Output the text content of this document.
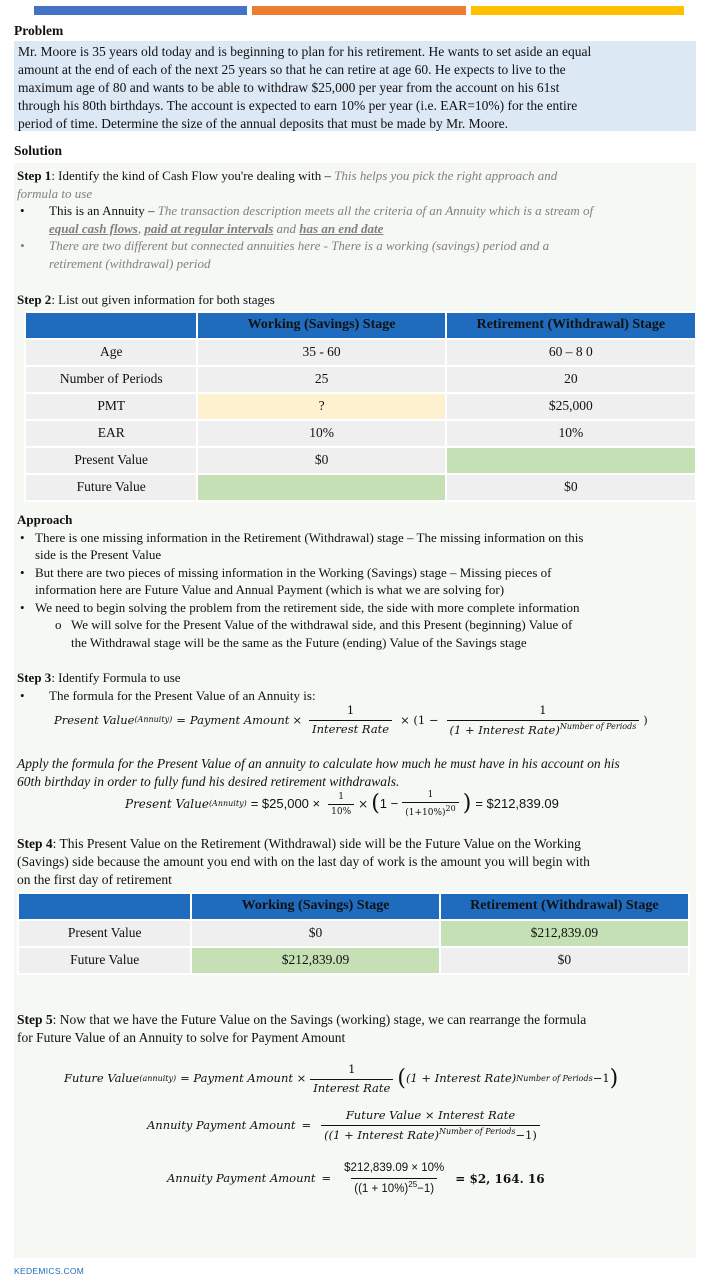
Problem
Mr. Moore is 35 years old today and is beginning to plan for his retirement. He wants to set aside an equal
amount at the end of each of the next 25 years so that he can retire at age 60. He expects to live to the
maximum age of 80 and wants to be able to withdraw $25,000 per year from the account on his 61st
through his 80th birthdays. The account is expected to earn 10% per year (i.e. EAR=10%) for the entire
period of time. Determine the size of the annual deposits that must be made by Mr. Moore.
Solution
Step 1: Identify the kind of Cash Flow you're dealing with – This helps you pick the right approach and
formula to use
• This is an Annuity – The transaction description meets all the criteria of an Annuity which is a stream of
equal cash flows, paid at regular intervals and has an end date
• There are two different but connected annuities here - There is a working (savings) period and a
retirement (withdrawal) period
Step 2: List out given information for both stages
	Working (Savings) Stage	Retirement (Withdrawal) Stage
Age	35 - 60	60 – 8 0
Number of Periods	25	20
PMT	?	$25,000
EAR	10%	10%
Present Value	$0	
Future Value		$0
Approach
• There is one missing information in the Retirement (Withdrawal) stage – The missing information on this
side is the Present Value
• But there are two pieces of missing information in the Working (Savings) stage – Missing pieces of
information here are Future Value and Annual Payment (which is what we are solving for)
• We need to begin solving the problem from the retirement side, the side with more complete information
o We will solve for the Present Value of the withdrawal side, and this Present (beginning) Value of
the Withdrawal stage will be the same as the Future (ending) Value of the Savings stage
Step 3: Identify Formula to use
• The formula for the Present Value of an Annuity is:
Present Value (Annuity) = Payment Amount × $\frac{1}{\text{Interest Rate}} \times (1 - \frac{1}{(1 + Interest Rate)^{Number of Periods}}$ )
Apply the formula for the Present Value of an annuity to calculate how much he must have in his account on his
60th birthday in order to fully fund his desired retirement withdrawals.
Present Value (Annuity) = $25,000 × $\frac{1}{10\%}$ × ( $1 - \frac{1}{(1+10\%)20}$ ) = $212,839.09
Step 4: This Present Value on the Retirement (Withdrawal) side will be the Future Value on the Working
(Savings) side because the amount you end with on the last day of work is the amount you will begin with
on the first day of retirement
	Working (Savings) Stage	Retirement (Withdrawal) Stage
Present Value	$0	$212,839.09
Future Value	$212,839.09	$0
Step 5: Now that we have the Future Value on the Savings (working) stage, we can rearrange the formula
for Future Value of an Annuity to solve for Payment Amount
Future Value (annuity) = Payment Amount × $\frac{1}{\text{Interest Rate}}$ ( (1 + Interest Rate) Number of Periods −1 )
Annuity Payment Amount = $\frac{\text{Future Value × Interest Rate}}{((1 + Interest Rate)^{Number of Periods}-1)}$
Annuity Payment Amount = $\frac{\$212,839.09 \times 10\%}{((1 + 10\%)^{25}-1)}$ = $2, 164. 16
KEDEMICS.COM
